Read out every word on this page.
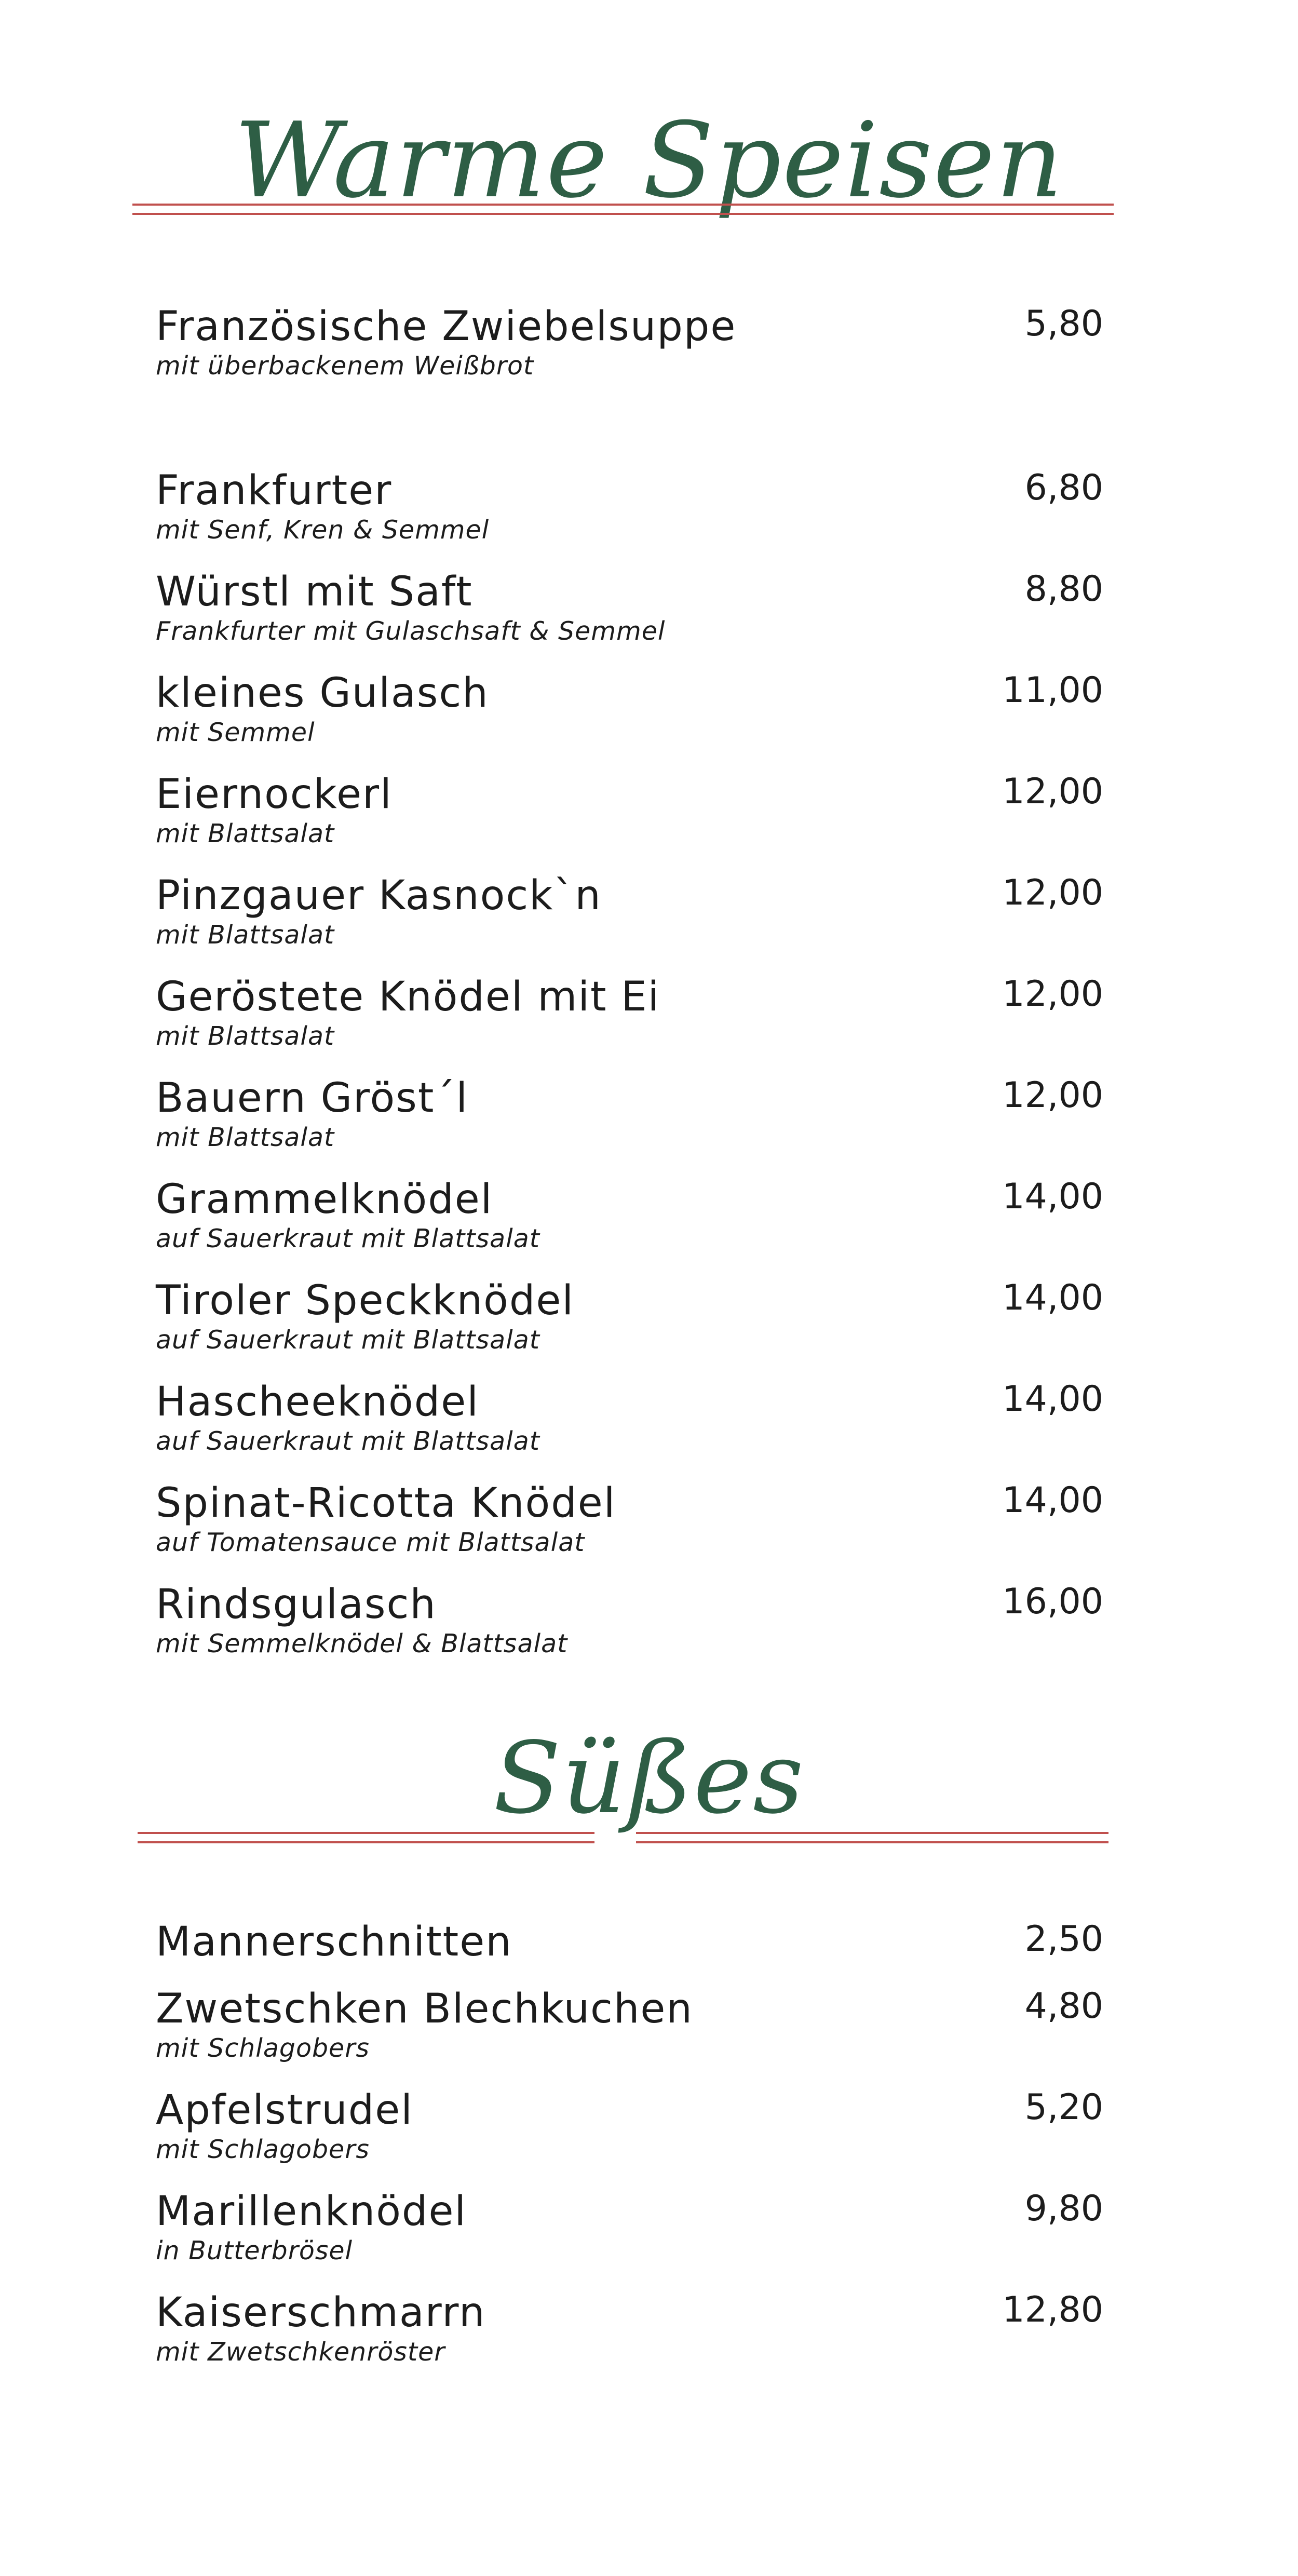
Warme Speisen
Französische Zwiebelsuppe
mit überbackenem Weißbrot
5,80
Frankfurter
mit Senf, Kren & Semmel
6,80
Würstl mit Saft
Frankfurter mit Gulaschsaft & Semmel
8,80
kleines Gulasch
mit Semmel
11,00
Eiernockerl
mit Blattsalat
12,00
Pinzgauer Kasnock`n
mit Blattsalat
12,00
Geröstete Knödel mit Ei
mit Blattsalat
12,00
Bauern Gröst´l
mit Blattsalat
12,00
Grammelknödel
auf Sauerkraut mit Blattsalat
14,00
Tiroler Speckknödel
auf Sauerkraut mit Blattsalat
14,00
Hascheeknödel
auf Sauerkraut mit Blattsalat
14,00
Spinat-Ricotta Knödel
auf Tomatensauce mit Blattsalat
14,00
Rindsgulasch
mit Semmelknödel & Blattsalat
16,00
Süßes
Mannerschnitten	2,50
Zwetschken Blechkuchen
mit Schlagobers
4,80
Apfelstrudel
mit Schlagobers
5,20
Marillenknödel
in Butterbrösel
9,80
Kaiserschmarrn
mit Zwetschkenröster
12,80
